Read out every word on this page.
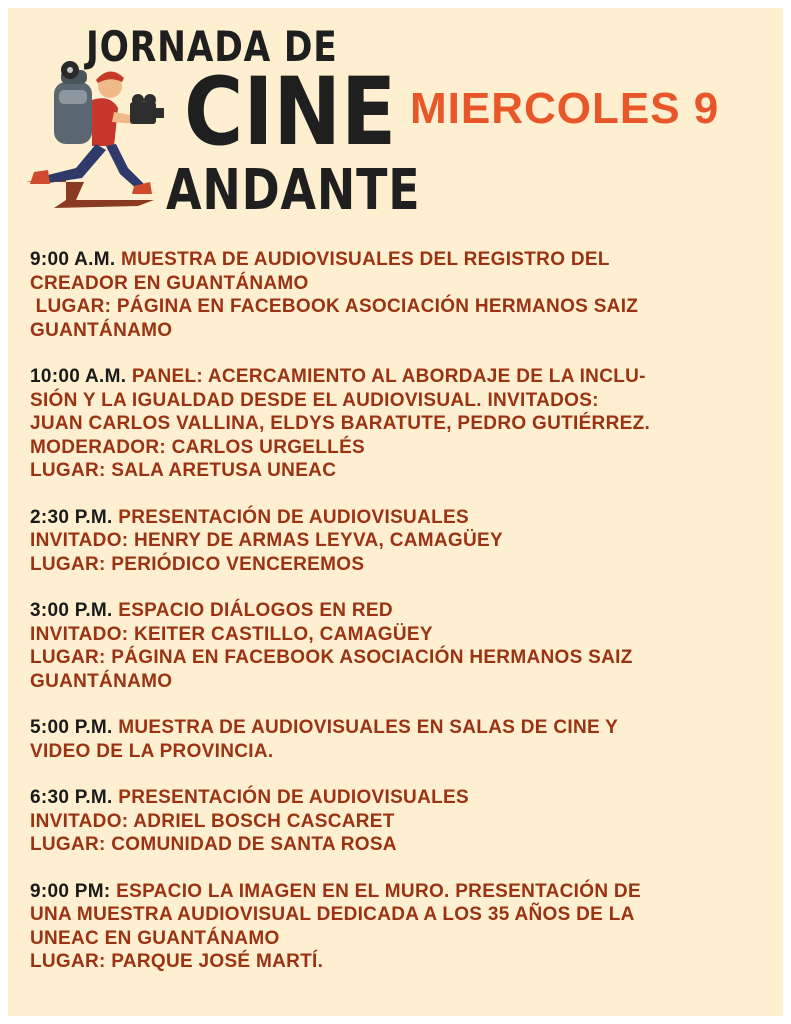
JORNADA DE
CINE
ANDANTE
MIERCOLES 9
9:00 A.M. MUESTRA DE AUDIOVISUALES DEL REGISTRO DEL
CREADOR EN GUANTÁNAMO
LUGAR: PÁGINA EN FACEBOOK ASOCIACIÓN HERMANOS SAIZ
GUANTÁNAMO
10:00 A.M. PANEL: ACERCAMIENTO AL ABORDAJE DE LA INCLU-
SIÓN Y LA IGUALDAD DESDE EL AUDIOVISUAL. INVITADOS:
JUAN CARLOS VALLINA, ELDYS BARATUTE, PEDRO GUTIÉRREZ.
MODERADOR: CARLOS URGELLÉS
LUGAR: SALA ARETUSA UNEAC
2:30 P.M. PRESENTACIÓN DE AUDIOVISUALES
INVITADO: HENRY DE ARMAS LEYVA, CAMAGÜEY
LUGAR: PERIÓDICO VENCEREMOS
3:00 P.M. ESPACIO DIÁLOGOS EN RED
INVITADO: KEITER CASTILLO, CAMAGÜEY
LUGAR: PÁGINA EN FACEBOOK ASOCIACIÓN HERMANOS SAIZ
GUANTÁNAMO
5:00 P.M. MUESTRA DE AUDIOVISUALES EN SALAS DE CINE Y
VIDEO DE LA PROVINCIA.
6:30 P.M. PRESENTACIÓN DE AUDIOVISUALES
INVITADO: ADRIEL BOSCH CASCARET
LUGAR: COMUNIDAD DE SANTA ROSA
9:00 PM: ESPACIO LA IMAGEN EN EL MURO. PRESENTACIÓN DE
UNA MUESTRA AUDIOVISUAL DEDICADA A LOS 35 AÑOS DE LA
UNEAC EN GUANTÁNAMO
LUGAR: PARQUE JOSÉ MARTÍ.
